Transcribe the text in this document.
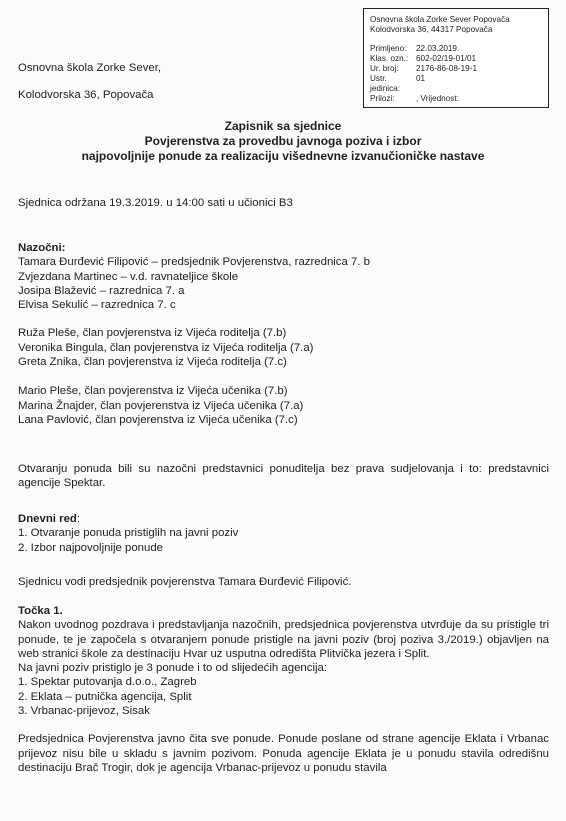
Osnovna škola Zorke Sever Popovača
Kolodvorska 36, 44317 Popovača
Primljeno:	22.03.2019.
Klas. ozn.: 602-02/19-01/01
Ur. broj:	2176-86-08-19-1
Ustr. jedinica:
01
Prilozi:	, Vrijednost:
Osnovna škola Zorke Sever,
Kolodvorska 36, Popovača
Zapisnik sa sjednice
Povjerenstva za provedbu javnoga poziva i izbor
najpovoljnije ponude za realizaciju višednevne izvanučioničke nastave
Sjednica održana 19.3.2019. u 14:00 sati u učionici B3
Nazočni:
Tamara Đurđević Filipović – predsjednik Povjerenstva, razrednica 7. b
Zvjezdana Martinec – v.d. ravnateljice škole
Josipa Blažević – razrednica 7. a
Elvisa Sekulić – razrednica 7. c
Ruža Pleše, član povjerenstva iz Vijeća roditelja (7.b)
Veronika Bingula, član povjerenstva iz Vijeća roditelja (7.a)
Greta Znika, član povjerenstva iz Vijeća roditelja (7.c)
Mario Pleše, član povjerenstva iz Vijeća učenika (7.b)
Marina Žnajder, član povjerenstva iz Vijeća učenika (7.a)
Lana Pavlović, član povjerenstva iz Vijeća učenika (7.c)
Otvaranju ponuda bili su nazočni predstavnici ponuditelja bez prava sudjelovanja i to: predstavnici agencije Spektar.
Dnevni red:
1. Otvaranje ponuda pristiglih na javni poziv
2. Izbor najpovoljnije ponude
Sjednicu vodi predsjednik povjerenstva Tamara Đurđević Filipović.
Točka 1.
Nakon uvodnog pozdrava i predstavljanja nazočnih, predsjednica povjerenstva utvrđuje da su pristigle tri ponude, te je započela s otvaranjem ponude pristigle na javni poziv (broj poziva 3./2019.) objavljen na web stranici škole za destinaciju Hvar uz usputna odredišta Plitvička jezera i Split.
Na javni poziv pristiglo je 3 ponude i to od slijedećih agencija:
1. Spektar putovanja d.o.o., Zagreb
2. Eklata – putnička agencija, Split
3. Vrbanac-prijevoz, Sisak
Predsjednica Povjerenstva javno čita sve ponude. Ponude poslane od strane agencije Eklata i Vrbanac prijevoz nisu bile u skladu s javnim pozivom. Ponuda agencije Eklata je u ponudu stavila odredišnu destinaciju Brač Trogir, dok je agencija Vrbanac-prijevoz u ponudu stavila
